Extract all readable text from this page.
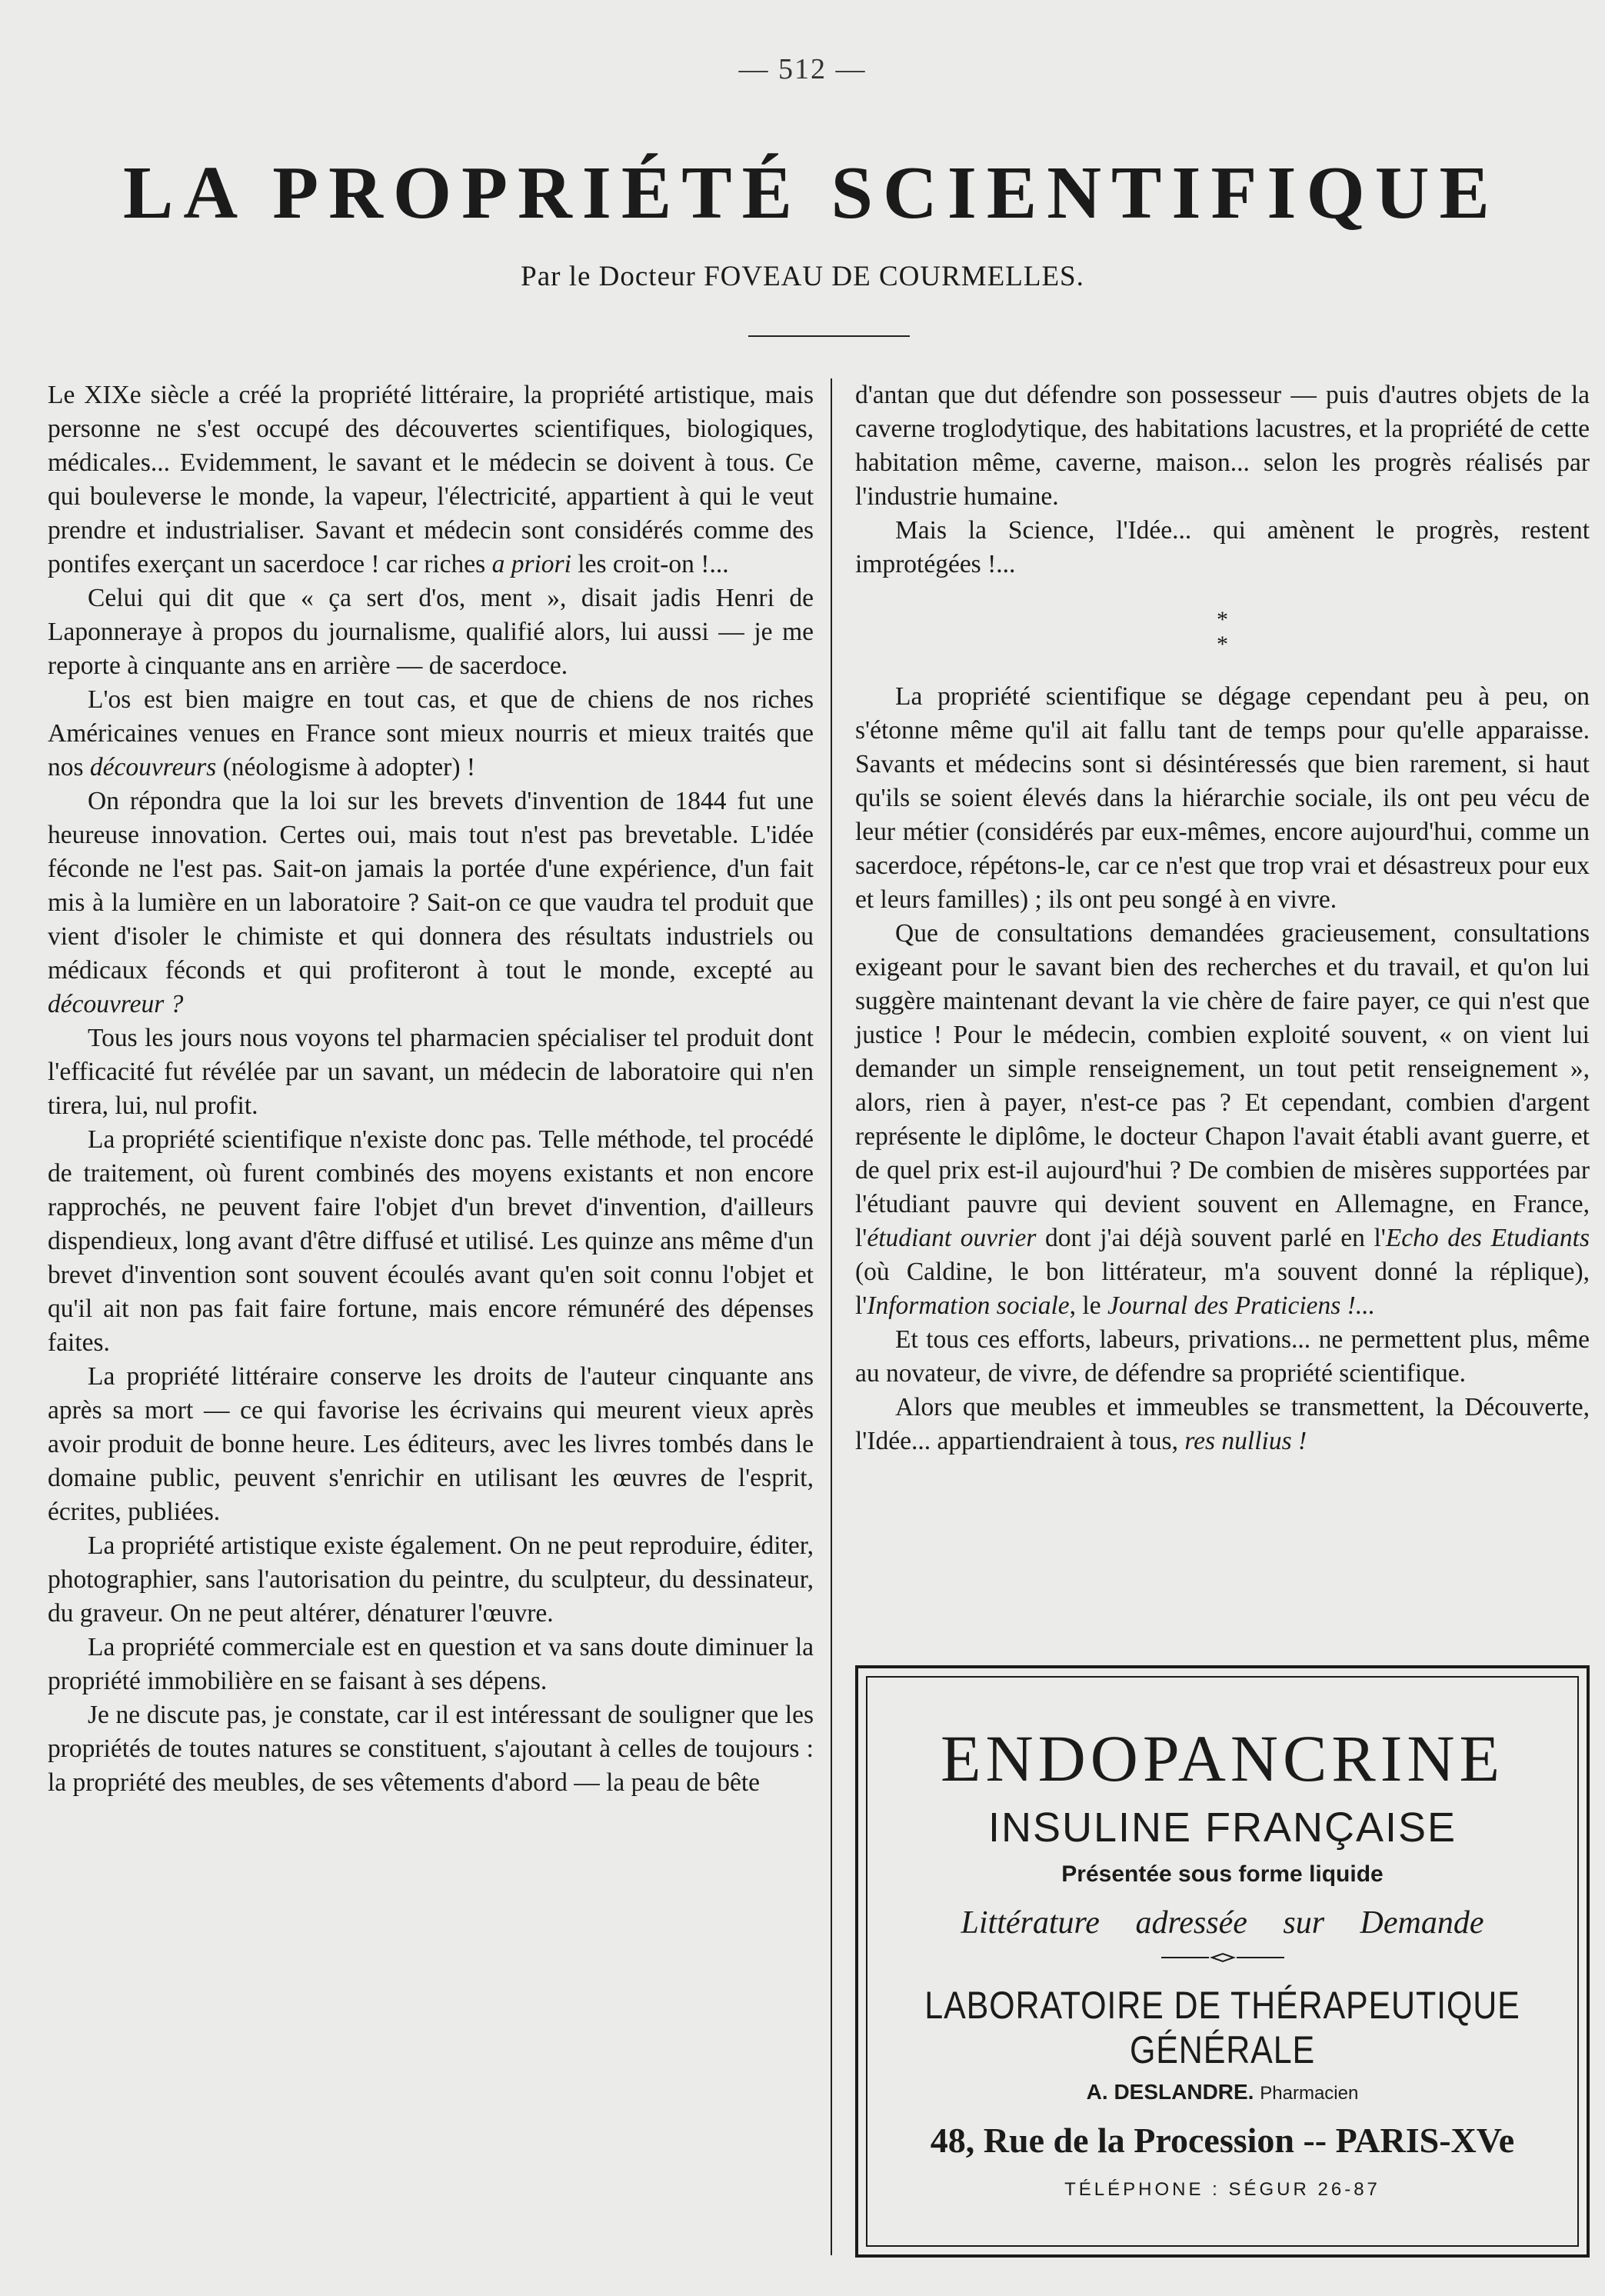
— 512 —
LA PROPRIÉTÉ SCIENTIFIQUE
Par le Docteur FOVEAU DE COURMELLES.

Le XIXe siècle a créé la propriété littéraire, la propriété artistique, mais personne ne s'est occupé des découvertes scientifiques, biologiques, médicales... Evidemment, le savant et le médecin se doivent à tous. Ce qui bouleverse le monde, la vapeur, l'électricité, appartient à qui le veut prendre et industrialiser. Savant et médecin sont considérés comme des pontifes exerçant un sacerdoce ! car riches a priori les croit-on !...

Celui qui dit que « ça sert d'os, ment », disait jadis Henri de Laponneraye à propos du journalisme, qualifié alors, lui aussi — je me reporte à cinquante ans en arrière — de sacerdoce.

L'os est bien maigre en tout cas, et que de chiens de nos riches Américaines venues en France sont mieux nourris et mieux traités que nos découvreurs (néologisme à adopter) !

On répondra que la loi sur les brevets d'invention de 1844 fut une heureuse innovation. Certes oui, mais tout n'est pas brevetable. L'idée féconde ne l'est pas. Sait-on jamais la portée d'une expérience, d'un fait mis à la lumière en un laboratoire ? Sait-on ce que vaudra tel produit que vient d'isoler le chimiste et qui donnera des résultats industriels ou médicaux féconds et qui profiteront à tout le monde, excepté au découvreur ?

Tous les jours nous voyons tel pharmacien spécialiser tel produit dont l'efficacité fut révélée par un savant, un médecin de laboratoire qui n'en tirera, lui, nul profit.

La propriété scientifique n'existe donc pas. Telle méthode, tel procédé de traitement, où furent combinés des moyens existants et non encore rapprochés, ne peuvent faire l'objet d'un brevet d'invention, d'ailleurs dispendieux, long avant d'être diffusé et utilisé. Les quinze ans même d'un brevet d'invention sont souvent écoulés avant qu'en soit connu l'objet et qu'il ait non pas fait faire fortune, mais encore rémunéré des dépenses faites.

La propriété littéraire conserve les droits de l'auteur cinquante ans après sa mort — ce qui favorise les écrivains qui meurent vieux après avoir produit de bonne heure. Les éditeurs, avec les livres tombés dans le domaine public, peuvent s'enrichir en utilisant les œuvres de l'esprit, écrites, publiées.

La propriété artistique existe également. On ne peut reproduire, éditer, photographier, sans l'autorisation du peintre, du sculpteur, du dessinateur, du graveur. On ne peut altérer, dénaturer l'œuvre.

La propriété commerciale est en question et va sans doute diminuer la propriété immobilière en se faisant à ses dépens.

Je ne discute pas, je constate, car il est intéressant de souligner que les propriétés de toutes natures se constituent, s'ajoutant à celles de toujours : la propriété des meubles, de ses vêtements d'abord — la peau de bête

d'antan que dut défendre son possesseur — puis d'autres objets de la caverne troglodytique, des habitations lacustres, et la propriété de cette habitation même, caverne, maison... selon les progrès réalisés par l'industrie humaine.

Mais la Science, l'Idée... qui amènent le progrès, restent improtégées !...

*
*

La propriété scientifique se dégage cependant peu à peu, on s'étonne même qu'il ait fallu tant de temps pour qu'elle apparaisse. Savants et médecins sont si désintéressés que bien rarement, si haut qu'ils se soient élevés dans la hiérarchie sociale, ils ont peu vécu de leur métier (considérés par eux-mêmes, encore aujourd'hui, comme un sacerdoce, répétons-le, car ce n'est que trop vrai et désastreux pour eux et leurs familles) ; ils ont peu songé à en vivre.

Que de consultations demandées gracieusement, consultations exigeant pour le savant bien des recherches et du travail, et qu'on lui suggère maintenant devant la vie chère de faire payer, ce qui n'est que justice ! Pour le médecin, combien exploité souvent, « on vient lui demander un simple renseignement, un tout petit renseignement », alors, rien à payer, n'est-ce pas ? Et cependant, combien d'argent représente le diplôme, le docteur Chapon l'avait établi avant guerre, et de quel prix est-il aujourd'hui ? De combien de misères supportées par l'étudiant pauvre qui devient souvent en Allemagne, en France, l'étudiant ouvrier dont j'ai déjà souvent parlé en l'Echo des Etudiants (où Caldine, le bon littérateur, m'a souvent donné la réplique), l'Information sociale, le Journal des Praticiens !...

Et tous ces efforts, labeurs, privations... ne permettent plus, même au novateur, de vivre, de défendre sa propriété scientifique.

Alors que meubles et immeubles se transmettent, la Découverte, l'Idée... appartiendraient à tous, res nullius !

ENDOPANCRINE
INSULINE FRANÇAISE
Présentée sous forme liquide
Littérature adressée sur Demande
LABORATOIRE DE THÉRAPEUTIQUE GÉNÉRALE
A. DESLANDRE. Pharmacien
48, Rue de la Procession -- PARIS-XVe
TÉLÉPHONE : SÉGUR 26-87
